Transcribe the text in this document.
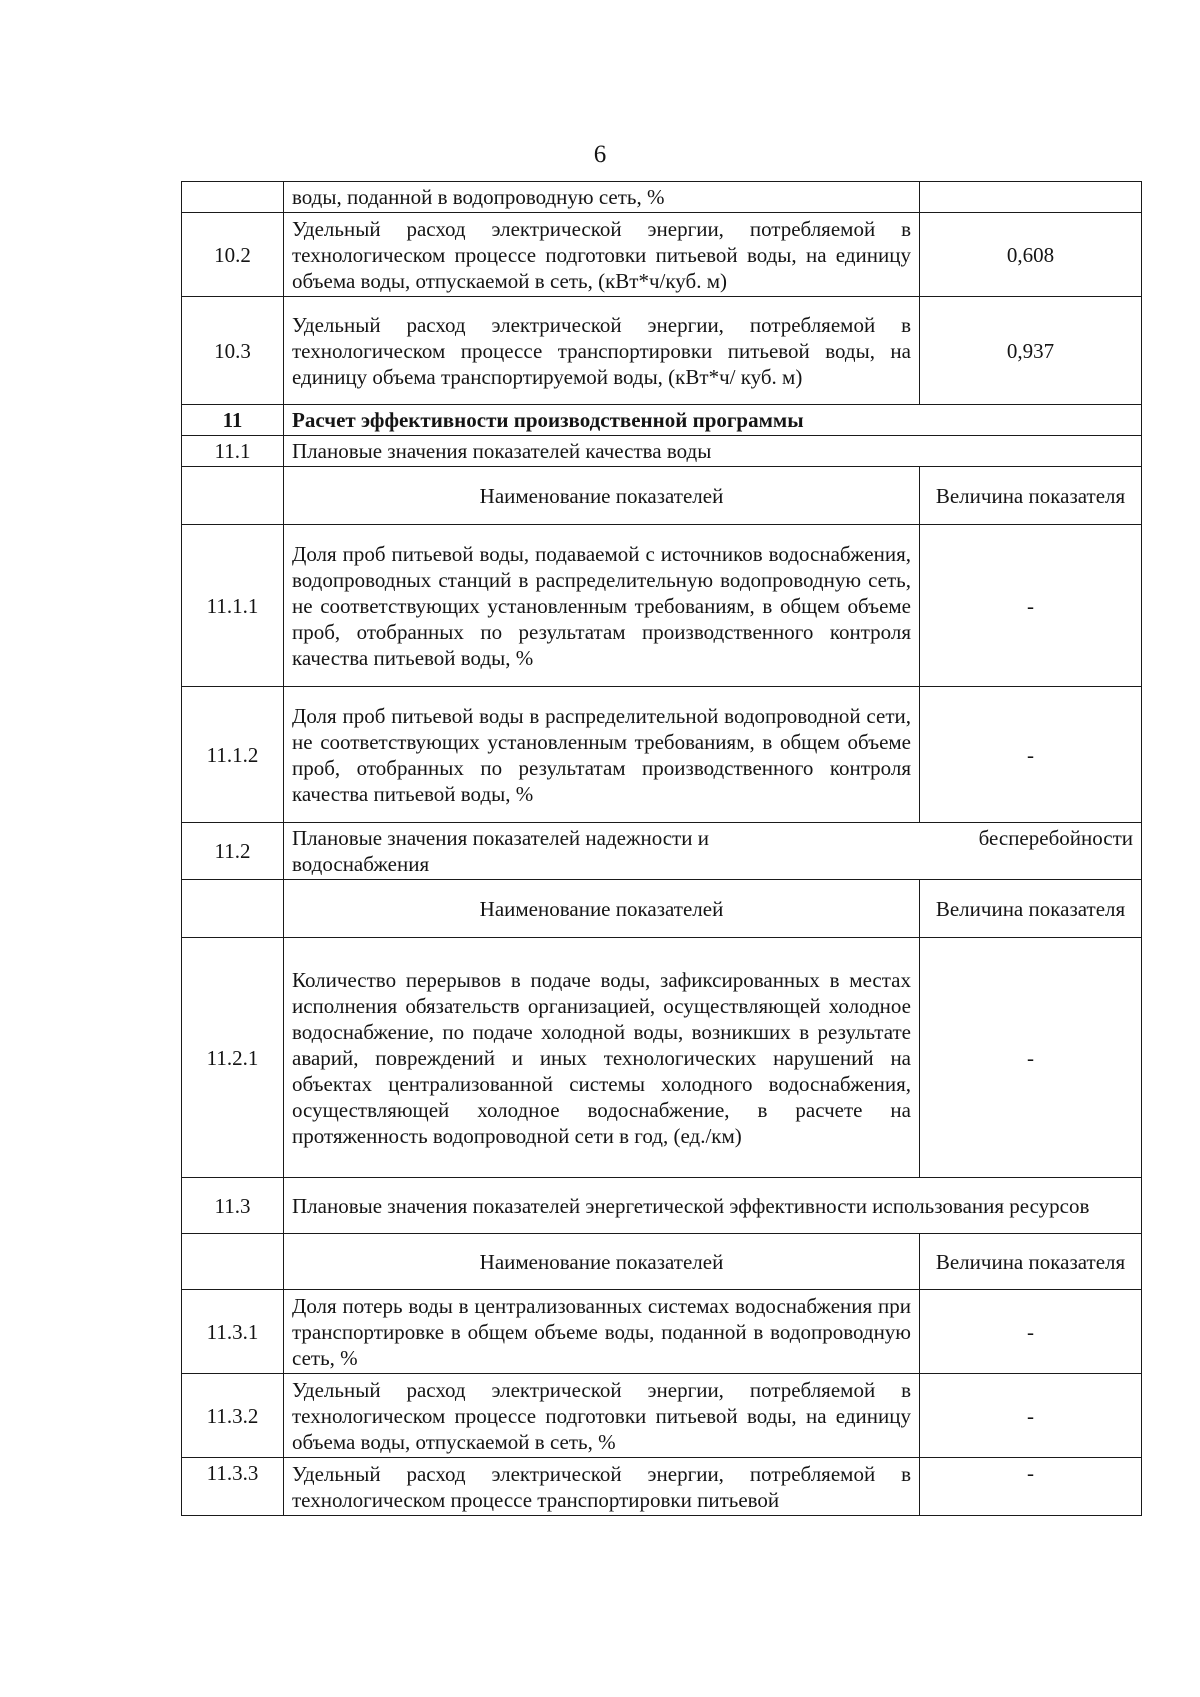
6
	воды, поданной в водопроводную сеть, %	
10.2	Удельный расход электрической энергии, потребляемой в технологическом процессе подготовки питьевой воды, на единицу объема воды, отпускаемой в сеть, (кВт*ч/куб. м)	0,608
10.3	Удельный расход электрической энергии, потребляемой в технологическом процессе транспортировки питьевой воды, на единицу объема транспортируемой воды, (кВт*ч/ куб. м)	0,937
11	Расчет эффективности производственной программы	
11.1	Плановые значения показателей качества воды	
	Наименование показателей	Величина показателя
11.1.1	Доля проб питьевой воды, подаваемой с источников водоснабжения, водопроводных станций в распределительную водопроводную сеть, не соответствующих установленным требованиям, в общем объеме проб, отобранных по результатам производственного контроля качества питьевой воды, %	-
11.1.2	Доля проб питьевой воды в распределительной водопроводной сети, не соответствующих установленным требованиям, в общем объеме проб, отобранных по результатам производственного контроля качества питьевой воды, %	-
11.2	Плановые значения показателей надежности и бесперебойности
водоснабжения	

	Наименование показателей	Величина показателя
11.2.1	Количество перерывов в подаче воды, зафиксированных в местах исполнения обязательств организацией, осуществляющей холодное водоснабжение, по подаче холодной воды, возникших в результате аварий, повреждений и иных технологических нарушений на объектах централизованной системы холодного водоснабжения, осуществляющей холодное водоснабжение, в расчете на протяженность водопроводной сети в год, (ед./км)	-
11.3	Плановые значения показателей энергетической эффективности использования ресурсов	
	Наименование показателей	Величина показателя
11.3.1	Доля потерь воды в централизованных системах водоснабжения при транспортировке в общем объеме воды, поданной в водопроводную сеть, %	-
11.3.2	Удельный расход электрической энергии, потребляемой в технологическом процессе подготовки питьевой воды, на единицу объема воды, отпускаемой в сеть, %	-
11.3.3	Удельный расход электрической энергии, потребляемой в технологическом процессе транспортировки питьевой	-
